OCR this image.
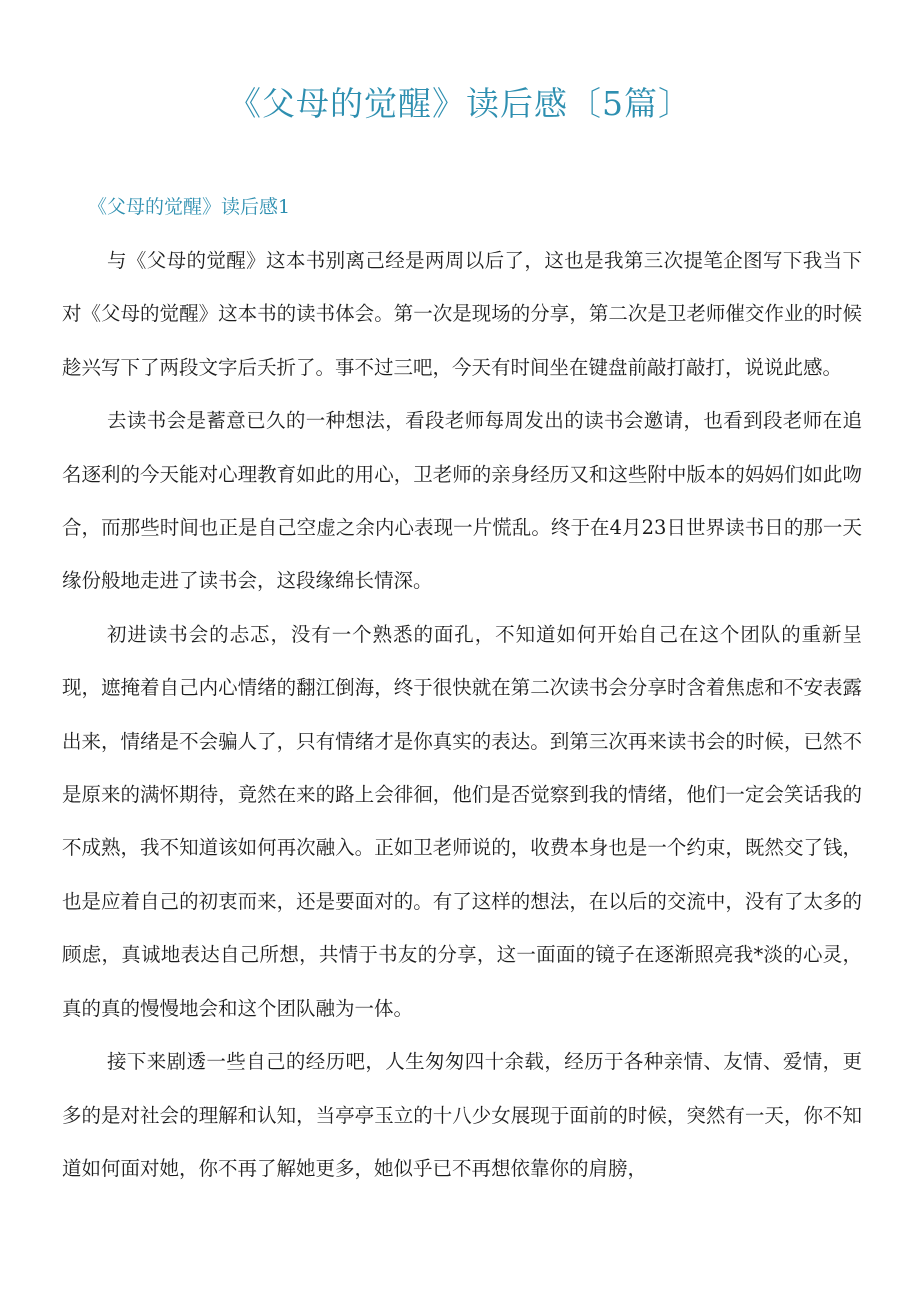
《父母的觉醒》读后感〔5篇〕
《父母的觉醒》读后感1

与《父母的觉醒》这本书别离己经是两周以后了，这也是我第三次提笔企图写下我当下对《父母的觉醒》这本书的读书体会。第一次是现场的分享，第二次是卫老师催交作业的时候趁兴写下了两段文字后夭折了。事不过三吧，今天有时间坐在键盘前敲打敲打，说说此感。

去读书会是蓄意已久的一种想法，看段老师每周发出的读书会邀请，也看到段老师在追名逐利的今天能对心理教育如此的用心，卫老师的亲身经历又和这些附中版本的妈妈们如此吻合，而那些时间也正是自己空虚之余内心表现一片慌乱。终于在4月23日世界读书日的那一天缘份般地走进了读书会，这段缘绵长情深。

初进读书会的忐忑，没有一个熟悉的面孔，不知道如何开始自己在这个团队的重新呈现，遮掩着自己内心情绪的翻江倒海，终于很快就在第二次读书会分享时含着焦虑和不安表露出来，情绪是不会骗人了，只有情绪才是你真实的表达。到第三次再来读书会的时候，已然不是原来的满怀期待，竟然在来的路上会徘徊，他们是否觉察到我的情绪，他们一定会笑话我的不成熟，我不知道该如何再次融入。正如卫老师说的，收费本身也是一个约束，既然交了钱，也是应着自己的初衷而来，还是要面对的。有了这样的想法，在以后的交流中，没有了太多的顾虑，真诚地表达自己所想，共情于书友的分享，这一面面的镜子在逐渐照亮我*淡的心灵，真的真的慢慢地会和这个团队融为一体。

接下来剧透一些自己的经历吧，人生匆匆四十余载，经历于各种亲情、友情、爱情，更多的是对社会的理解和认知，当亭亭玉立的十八少女展现于面前的时候，突然有一天，你不知道如何面对她，你不再了解她更多，她似乎已不再想依靠你的肩膀，
